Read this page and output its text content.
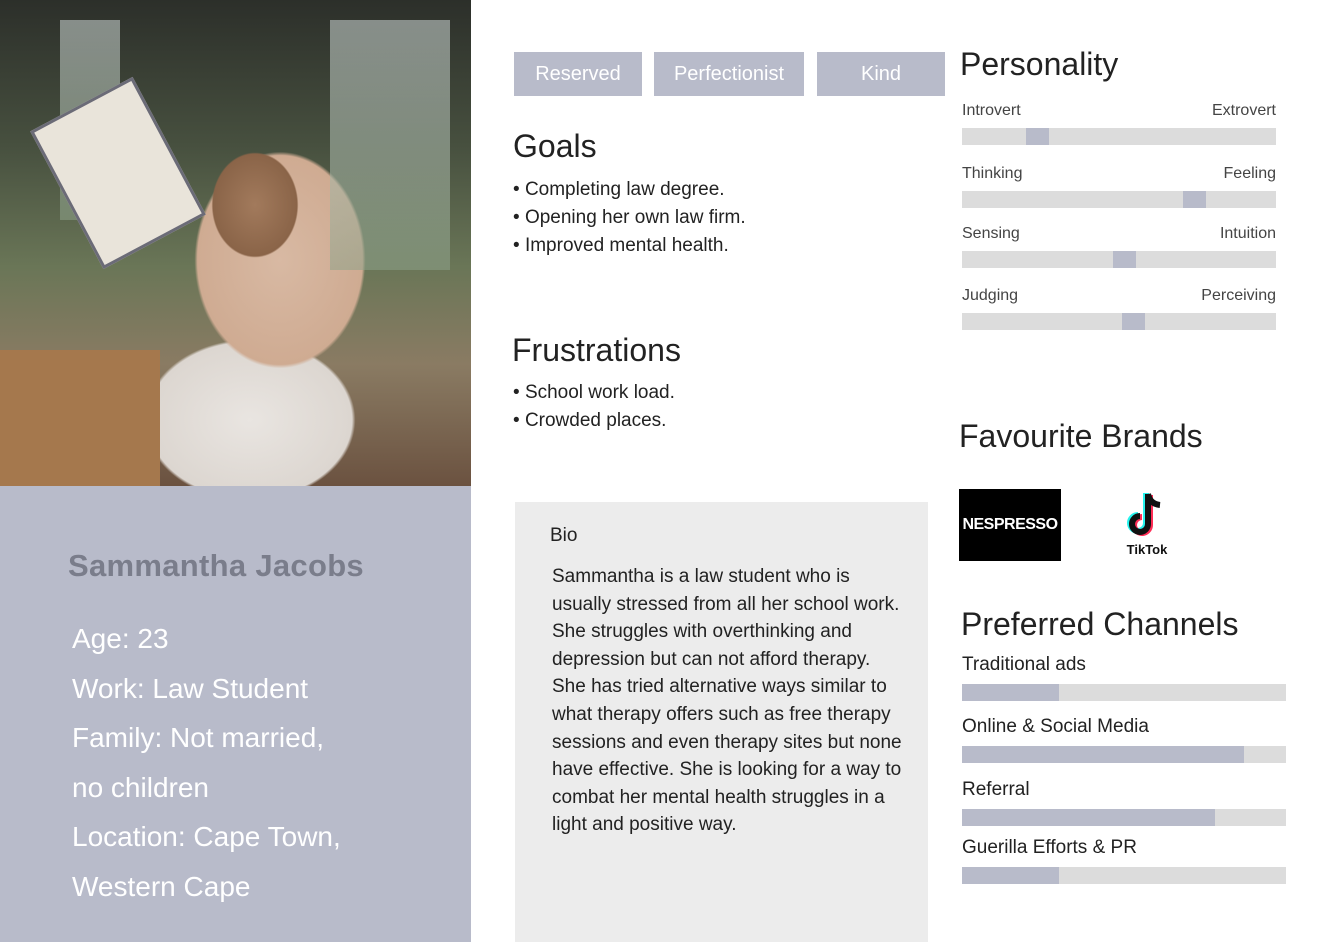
Sammantha Jacobs
Age: 23
Work: Law Student
Family: Not married,
no children
Location: Cape Town,
Western Cape
Reserved	Perfectionist	Kind
Goals
• Completing law degree.
• Opening her own law firm.
• Improved mental health.
Frustrations
• School work load.
• Crowded places.
Bio
Sammantha is a law student who is usually stressed from all her school work. She struggles with overthinking and depression but can not afford therapy. She has tried alternative ways similar to what therapy offers such as free therapy sessions and even therapy sites but none have effective. She is looking for a way to combat her mental health struggles in a light and positive way.
Personality
Introvert	Extrovert
Thinking	Feeling
Sensing	Intuition
Judging	Perceiving
Favourite Brands
NESPRESSO
TikTok
Preferred Channels
Traditional ads
Online & Social Media
Referral
Guerilla Efforts & PR
